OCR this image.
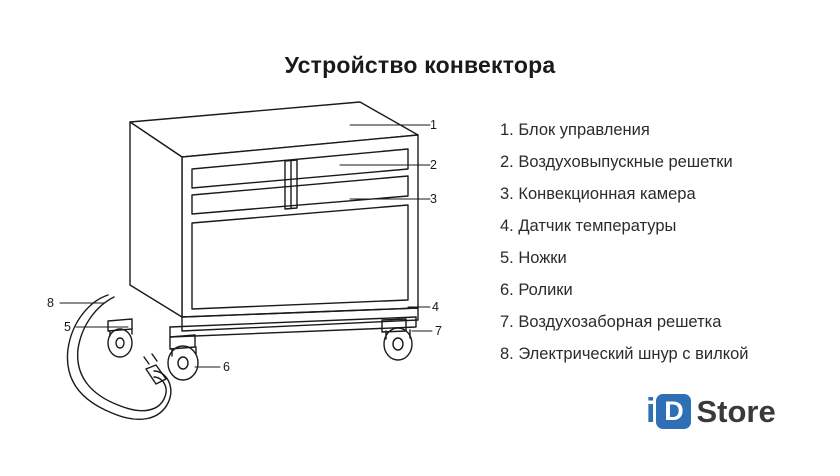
Устройство конвектора
1
2
3
4
7
6
5
8
1. Блок управления
2. Воздуховыпускные решетки
3. Конвекционная камера
4. Датчик температуры
5. Ножки
6. Ролики
7. Воздухозаборная решетка
8. Электрический шнур с вилкой
i D Store
